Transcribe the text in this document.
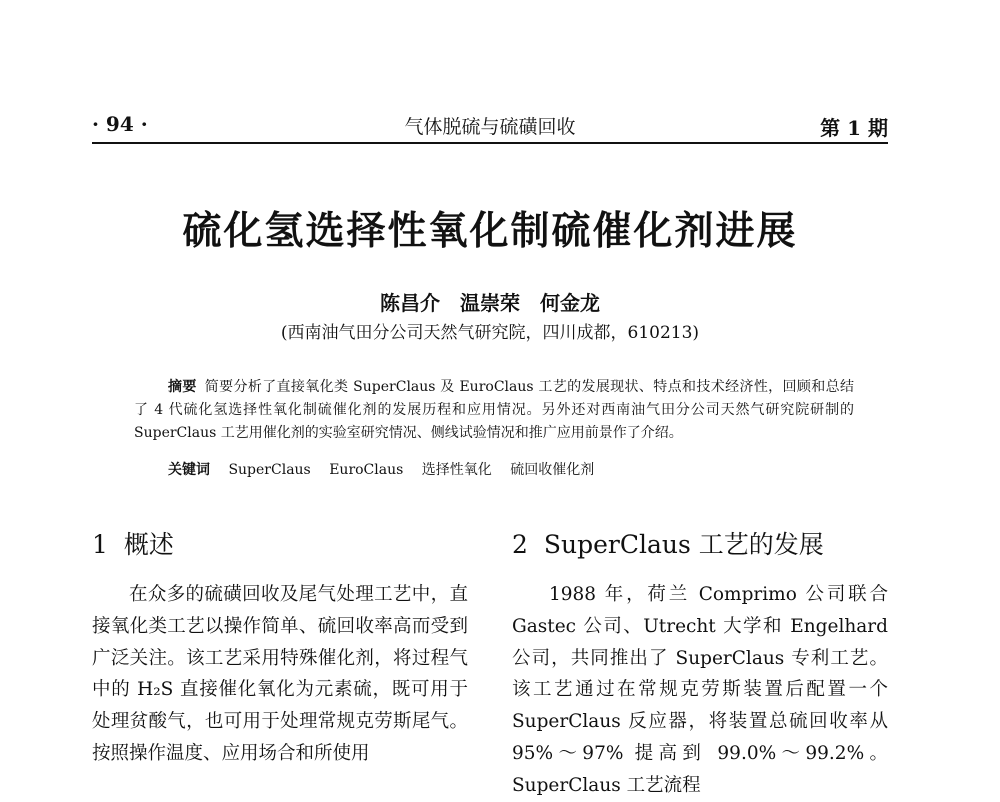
· 94 ·	气体脱硫与硫磺回收	第 1 期
硫化氢选择性氧化制硫催化剂进展
陈昌介　温崇荣　何金龙
(西南油气田分公司天然气研究院，四川成都，610213)
摘要 简要分析了直接氧化类 SuperClaus 及 EuroClaus 工艺的发展现状、特点和技术经济性，回顾和总结了 4 代硫化氢选择性氧化制硫催化剂的发展历程和应用情况。另外还对西南油气田分公司天然气研究院研制的 SuperClaus 工艺用催化剂的实验室研究情况、侧线试验情况和推广应用前景作了介绍。
关键词 SuperClaus EuroClaus 选择性氧化 硫回收催化剂
1 概述

在众多的硫磺回收及尾气处理工艺中，直接氧化类工艺以操作简单、硫回收率高而受到广泛关注。该工艺采用特殊催化剂，将过程气中的 H₂S 直接催化氧化为元素硫，既可用于处理贫酸气，也可用于处理常规克劳斯尾气。按照操作温度、应用场合和所使用

2 SuperClaus 工艺的发展

1988 年，荷兰 Comprimo 公司联合 Gastec 公司、Utrecht 大学和 Engelhard 公司，共同推出了 SuperClaus 专利工艺。该工艺通过在常规克劳斯装置后配置一个 SuperClaus 反应器，将装置总硫回收率从 95%～97% 提高到 99.0%～99.2%。SuperClaus 工艺流程
